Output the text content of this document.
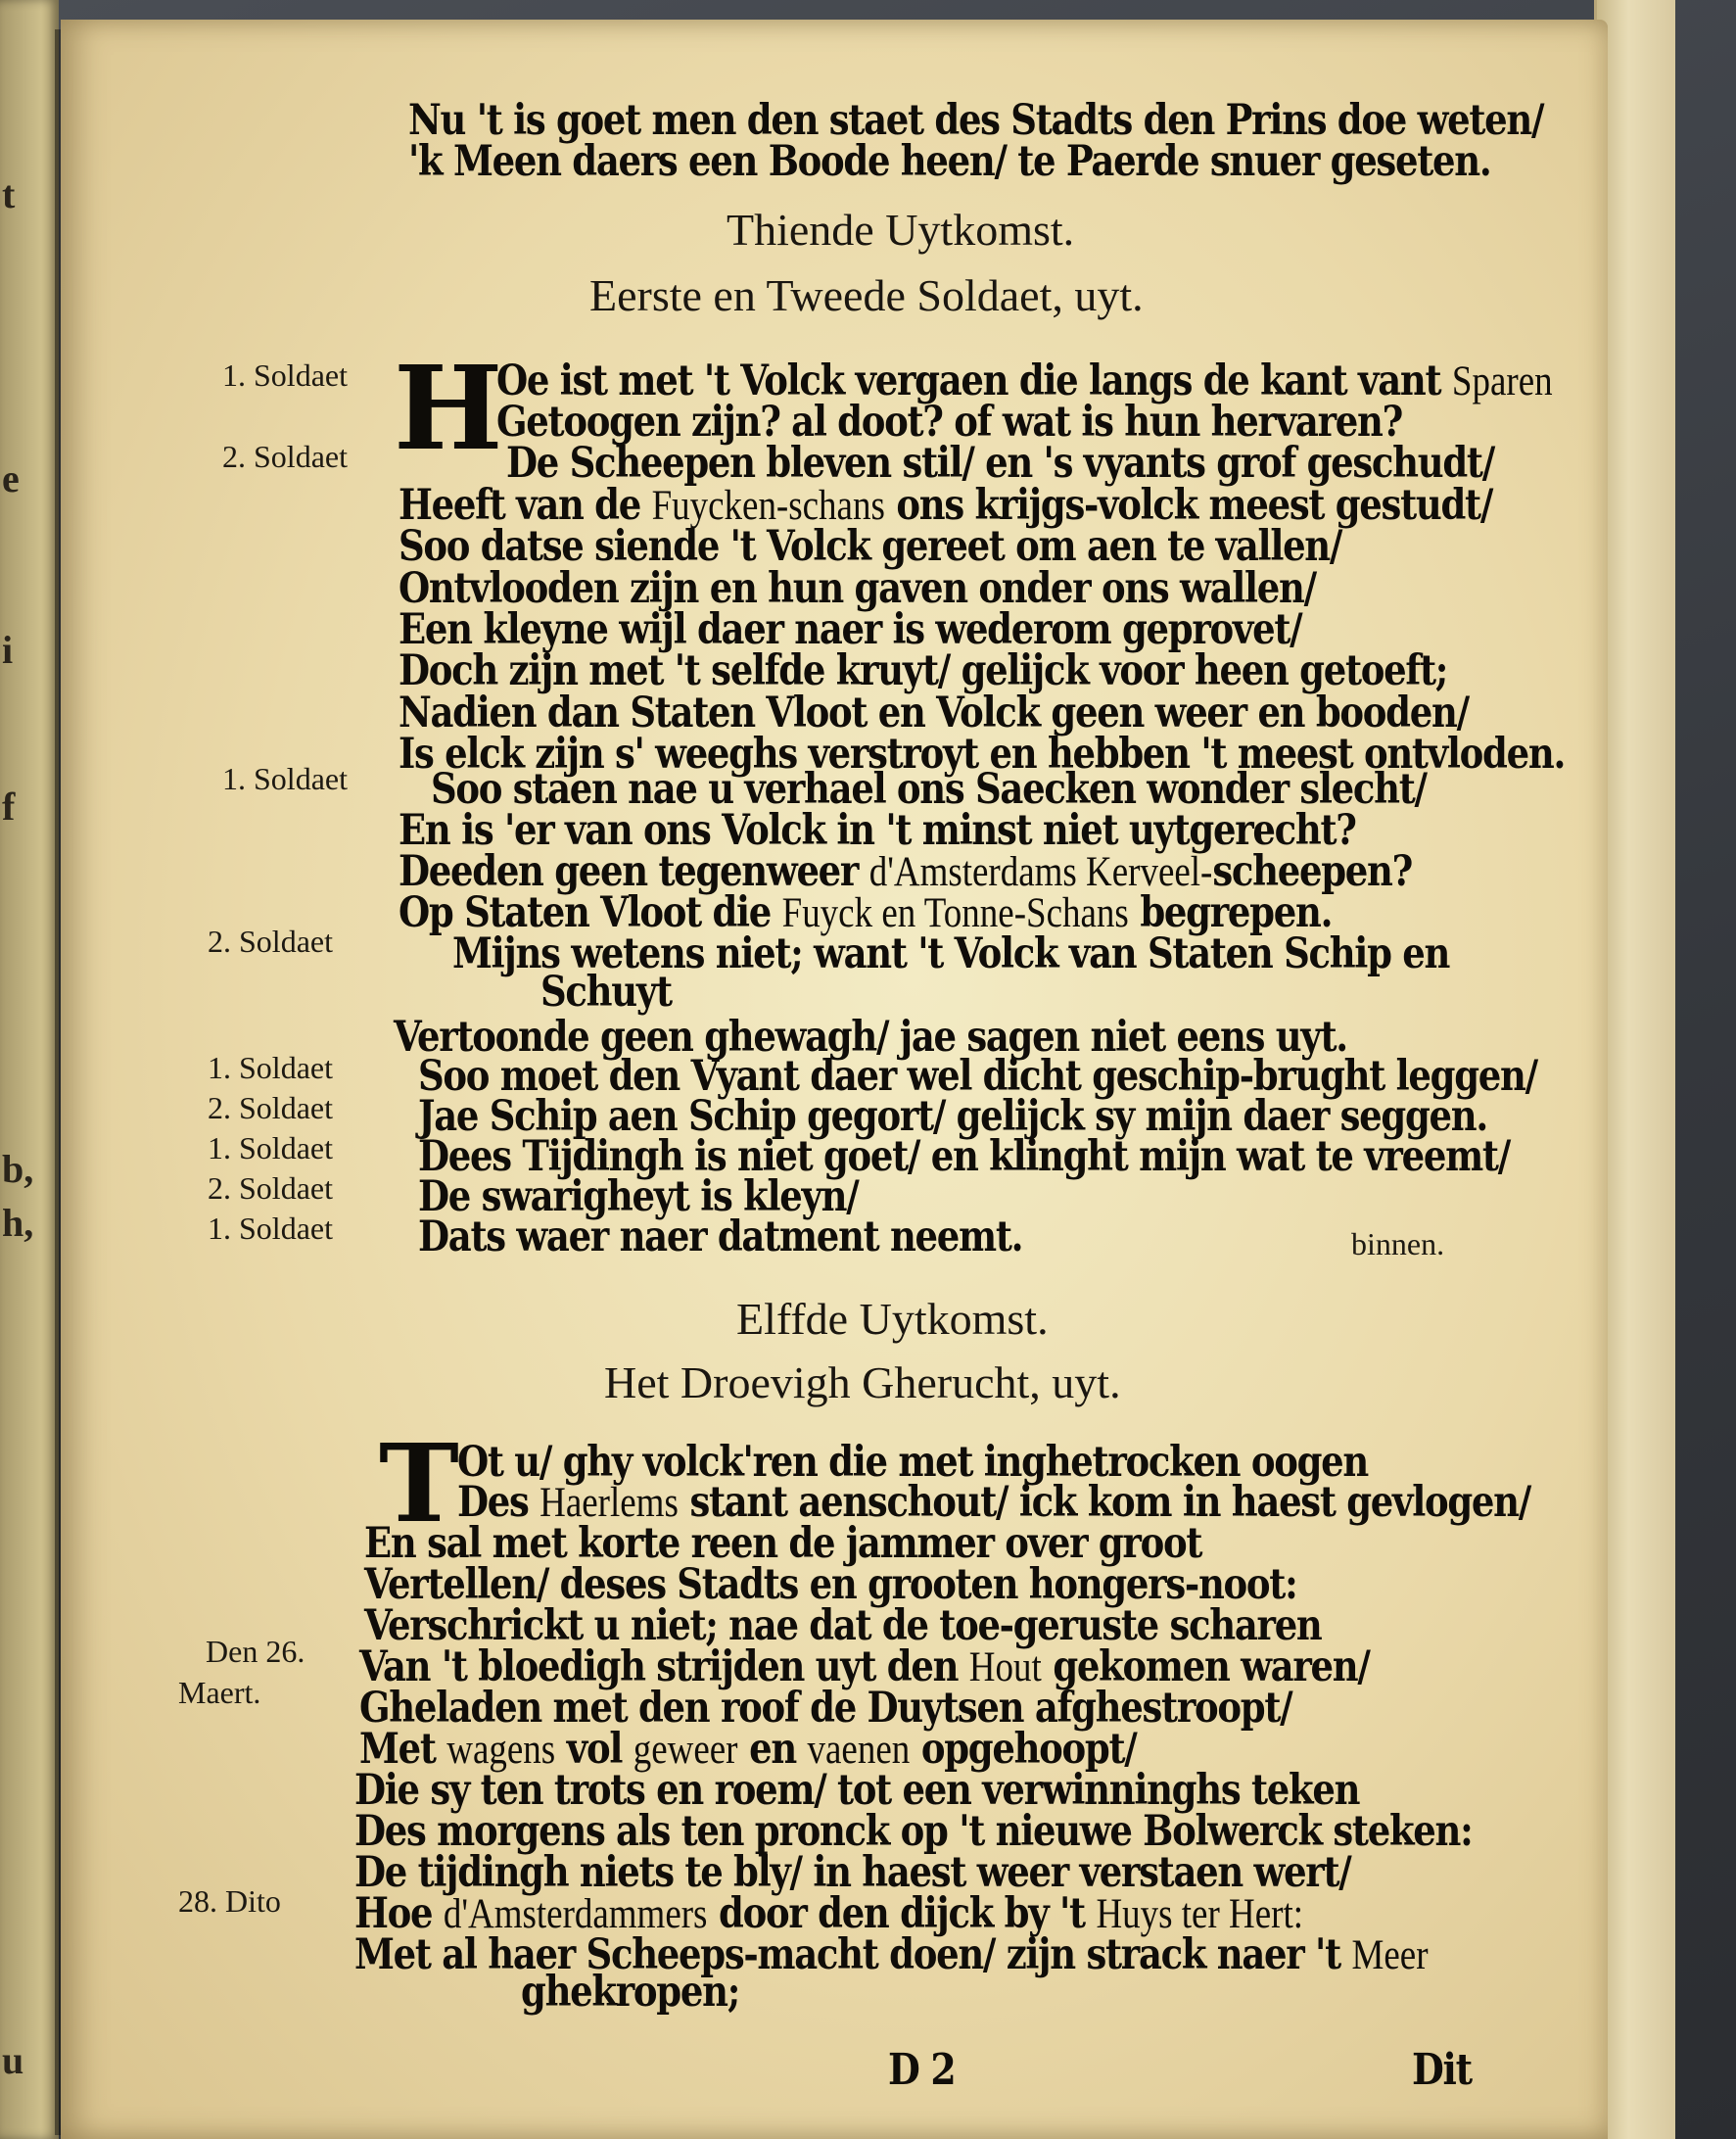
t
e
i
f
b,
h,
u
Nu 't is goet men den staet des Stadts den Prins doe weten/
'k Meen daers een Boode heen/ te Paerde snuer geseten.
Thiende Uytkomst.
Eerste en Tweede Soldaet, uyt.
H
1. Soldaet
2. Soldaet
1. Soldaet
2. Soldaet
1. Soldaet
2. Soldaet
1. Soldaet
2. Soldaet
1. Soldaet
Oe ist met 't Volck vergaen die langs de kant vant Sparen
Getoogen zijn? al doot? of wat is hun hervaren?
De Scheepen bleven stil/ en 's vyants grof geschudt/
Heeft van de Fuycken-schans ons krijgs-volck meest gestudt/
Soo datse siende 't Volck gereet om aen te vallen/
Ontvlooden zijn en hun gaven onder ons wallen/
Een kleyne wijl daer naer is wederom geprovet/
Doch zijn met 't selfde kruyt/ gelijck voor heen getoeft;
Nadien dan Staten Vloot en Volck geen weer en booden/
Is elck zijn s' weeghs verstroyt en hebben 't meest ontvloden.
Soo staen nae u verhael ons Saecken wonder slecht/
En is 'er van ons Volck in 't minst niet uytgerecht?
Deeden geen tegenweer d'Amsterdams Kerveel-scheepen?
Op Staten Vloot die Fuyck en Tonne-Schans begrepen.
Mijns wetens niet; want 't Volck van Staten Schip en
Schuyt
Vertoonde geen ghewagh/ jae sagen niet eens uyt.
Soo moet den Vyant daer wel dicht geschip-brught leggen/
Jae Schip aen Schip gegort/ gelijck sy mijn daer seggen.
Dees Tijdingh is niet goet/ en klinght mijn wat te vreemt/
De swarigheyt is kleyn/
Dats waer naer datment neemt.	binnen.
Elffde Uytkomst.
Het Droevigh Gherucht, uyt.
T
Ot u/ ghy volck'ren die met inghetrocken oogen
Des Haerlems stant aenschout/ ick kom in haest gevlogen/
En sal met korte reen de jammer over groot
Vertellen/ deses Stadts en grooten hongers-noot:
Verschrickt u niet; nae dat de toe-geruste scharen
Den 26.
Maert.
Van 't bloedigh strijden uyt den Hout gekomen waren/
Gheladen met den roof de Duytsen afghestroopt/
Met wagens vol geweer en vaenen opgehoopt/
Die sy ten trots en roem/ tot een verwinninghs teken
Des morgens als ten pronck op 't nieuwe Bolwerck steken:
De tijdingh niets te bly/ in haest weer verstaen wert/
28. Dito Hoe d'Amsterdammers door den dijck by 't Huys ter Hert:
Met al haer Scheeps-macht doen/ zijn strack naer 't Meer
ghekropen;
D 2	Dit
